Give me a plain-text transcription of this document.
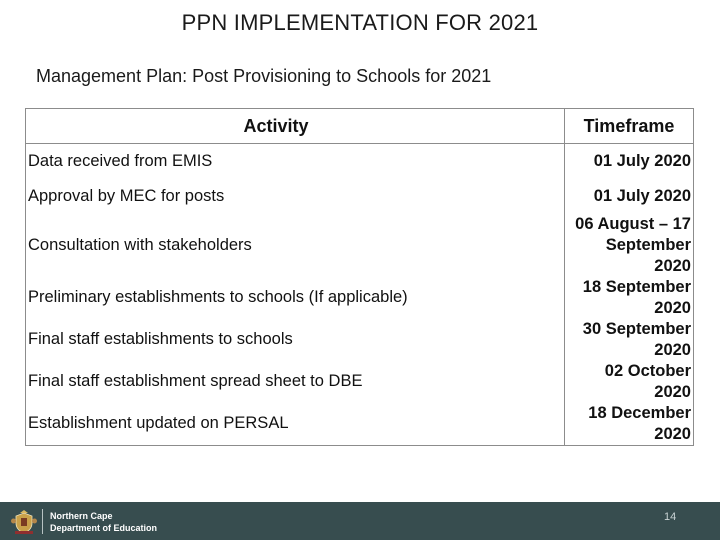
PPN IMPLEMENTATION FOR 2021
Management Plan: Post Provisioning to Schools for 2021
Activity	Timeframe
Data received from EMIS	01 July 2020
Approval by MEC for posts	01 July 2020
Consultation with stakeholders	06 August – 17
September 2020

Preliminary establishments to schools (If applicable)	18 September 2020
Final staff establishments to schools	30 September 2020
Final staff establishment spread sheet to DBE	02 October 2020
Establishment updated on PERSAL	18 December 2020
Northern Cape
Department of Education
14
